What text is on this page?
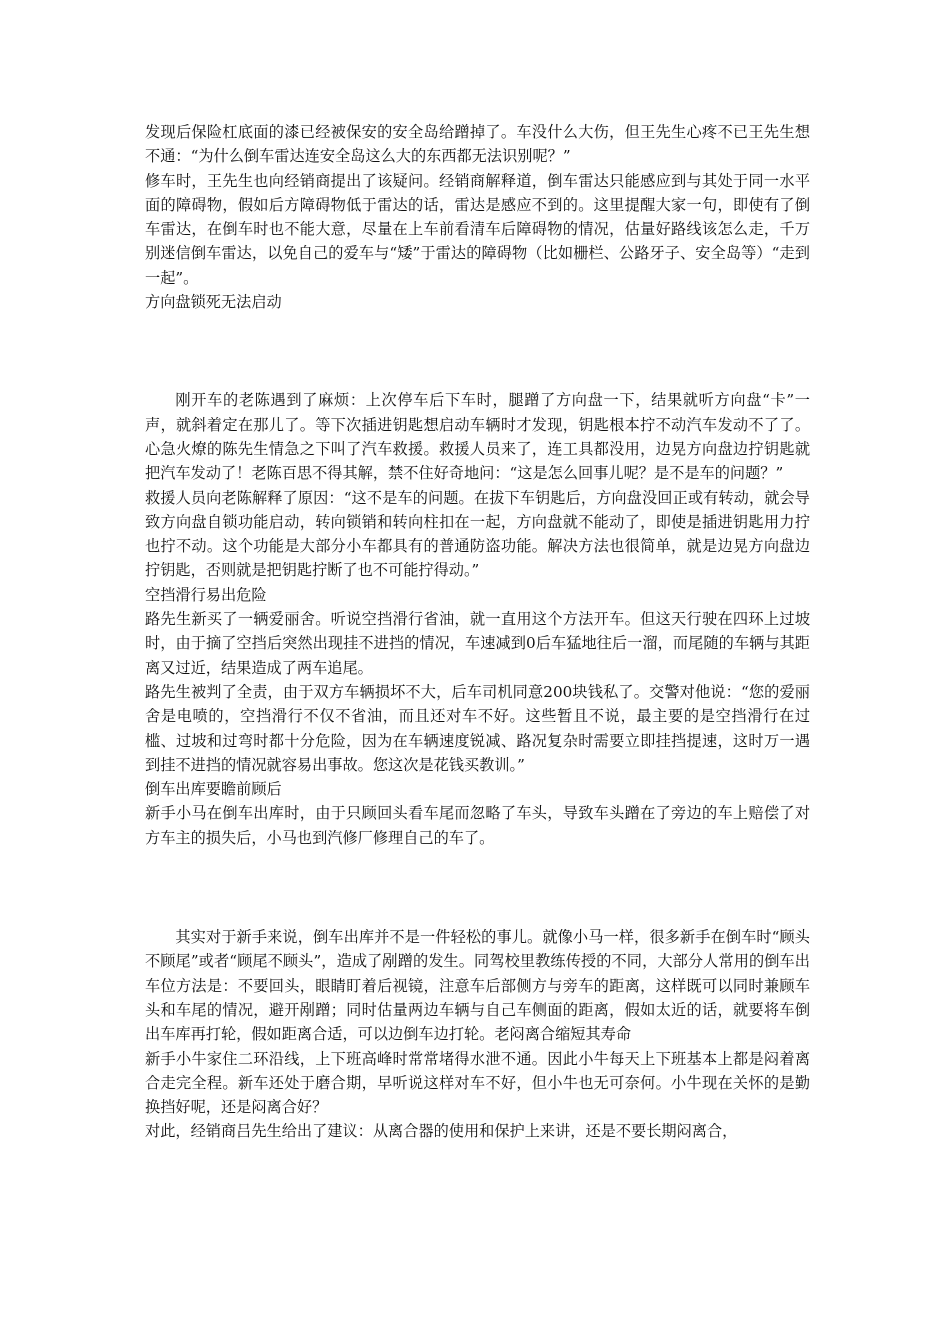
发现后保险杠底面的漆已经被保安的安全岛给蹭掉了。车没什么大伤，但王先生心疼不已王先生想不通：“为什么倒车雷达连安全岛这么大的东西都无法识别呢？”

修车时，王先生也向经销商提出了该疑问。经销商解释道，倒车雷达只能感应到与其处于同一水平面的障碍物，假如后方障碍物低于雷达的话，雷达是感应不到的。这里提醒大家一句，即使有了倒车雷达，在倒车时也不能大意，尽量在上车前看清车后障碍物的情况，估量好路线该怎么走，千万别迷信倒车雷达，以免自己的爱车与“矮”于雷达的障碍物（比如栅栏、公路牙子、安全岛等）“走到一起”。

方向盘锁死无法启动

刚开车的老陈遇到了麻烦：上次停车后下车时，腿蹭了方向盘一下，结果就听方向盘“卡”一声，就斜着定在那儿了。等下次插进钥匙想启动车辆时才发现，钥匙根本拧不动汽车发动不了了。心急火燎的陈先生情急之下叫了汽车救援。救援人员来了，连工具都没用，边晃方向盘边拧钥匙就把汽车发动了！老陈百思不得其解，禁不住好奇地问：“这是怎么回事儿呢？是不是车的问题？”

救援人员向老陈解释了原因：“这不是车的问题。在拔下车钥匙后，方向盘没回正或有转动，就会导致方向盘自锁功能启动，转向锁销和转向柱扣在一起，方向盘就不能动了，即使是插进钥匙用力拧也拧不动。这个功能是大部分小车都具有的普通防盗功能。解决方法也很简单，就是边晃方向盘边拧钥匙，否则就是把钥匙拧断了也不可能拧得动。”

空挡滑行易出危险

路先生新买了一辆爱丽舍。听说空挡滑行省油，就一直用这个方法开车。但这天行驶在四环上过坡时，由于摘了空挡后突然出现挂不进挡的情况，车速减到0后车猛地往后一溜，而尾随的车辆与其距离又过近，结果造成了两车追尾。

路先生被判了全责，由于双方车辆损坏不大，后车司机同意200块钱私了。交警对他说：“您的爱丽舍是电喷的，空挡滑行不仅不省油，而且还对车不好。这些暂且不说，最主要的是空挡滑行在过槛、过坡和过弯时都十分危险，因为在车辆速度锐减、路况复杂时需要立即挂挡提速，这时万一遇到挂不进挡的情况就容易出事故。您这次是花钱买教训。”

倒车出库要瞻前顾后

新手小马在倒车出库时，由于只顾回头看车尾而忽略了车头，导致车头蹭在了旁边的车上赔偿了对方车主的损失后，小马也到汽修厂修理自己的车了。

其实对于新手来说，倒车出库并不是一件轻松的事儿。就像小马一样，很多新手在倒车时“顾头不顾尾”或者“顾尾不顾头”，造成了剐蹭的发生。同驾校里教练传授的不同，大部分人常用的倒车出车位方法是：不要回头，眼睛盯着后视镜，注意车后部侧方与旁车的距离，这样既可以同时兼顾车头和车尾的情况，避开剐蹭；同时估量两边车辆与自己车侧面的距离，假如太近的话，就要将车倒出车库再打轮，假如距离合适，可以边倒车边打轮。老闷离合缩短其寿命

新手小牛家住二环沿线，上下班高峰时常常堵得水泄不通。因此小牛每天上下班基本上都是闷着离合走完全程。新车还处于磨合期，早听说这样对车不好，但小牛也无可奈何。小牛现在关怀的是勤换挡好呢，还是闷离合好？

对此，经销商吕先生给出了建议：从离合器的使用和保护上来讲，还是不要长期闷离合，
